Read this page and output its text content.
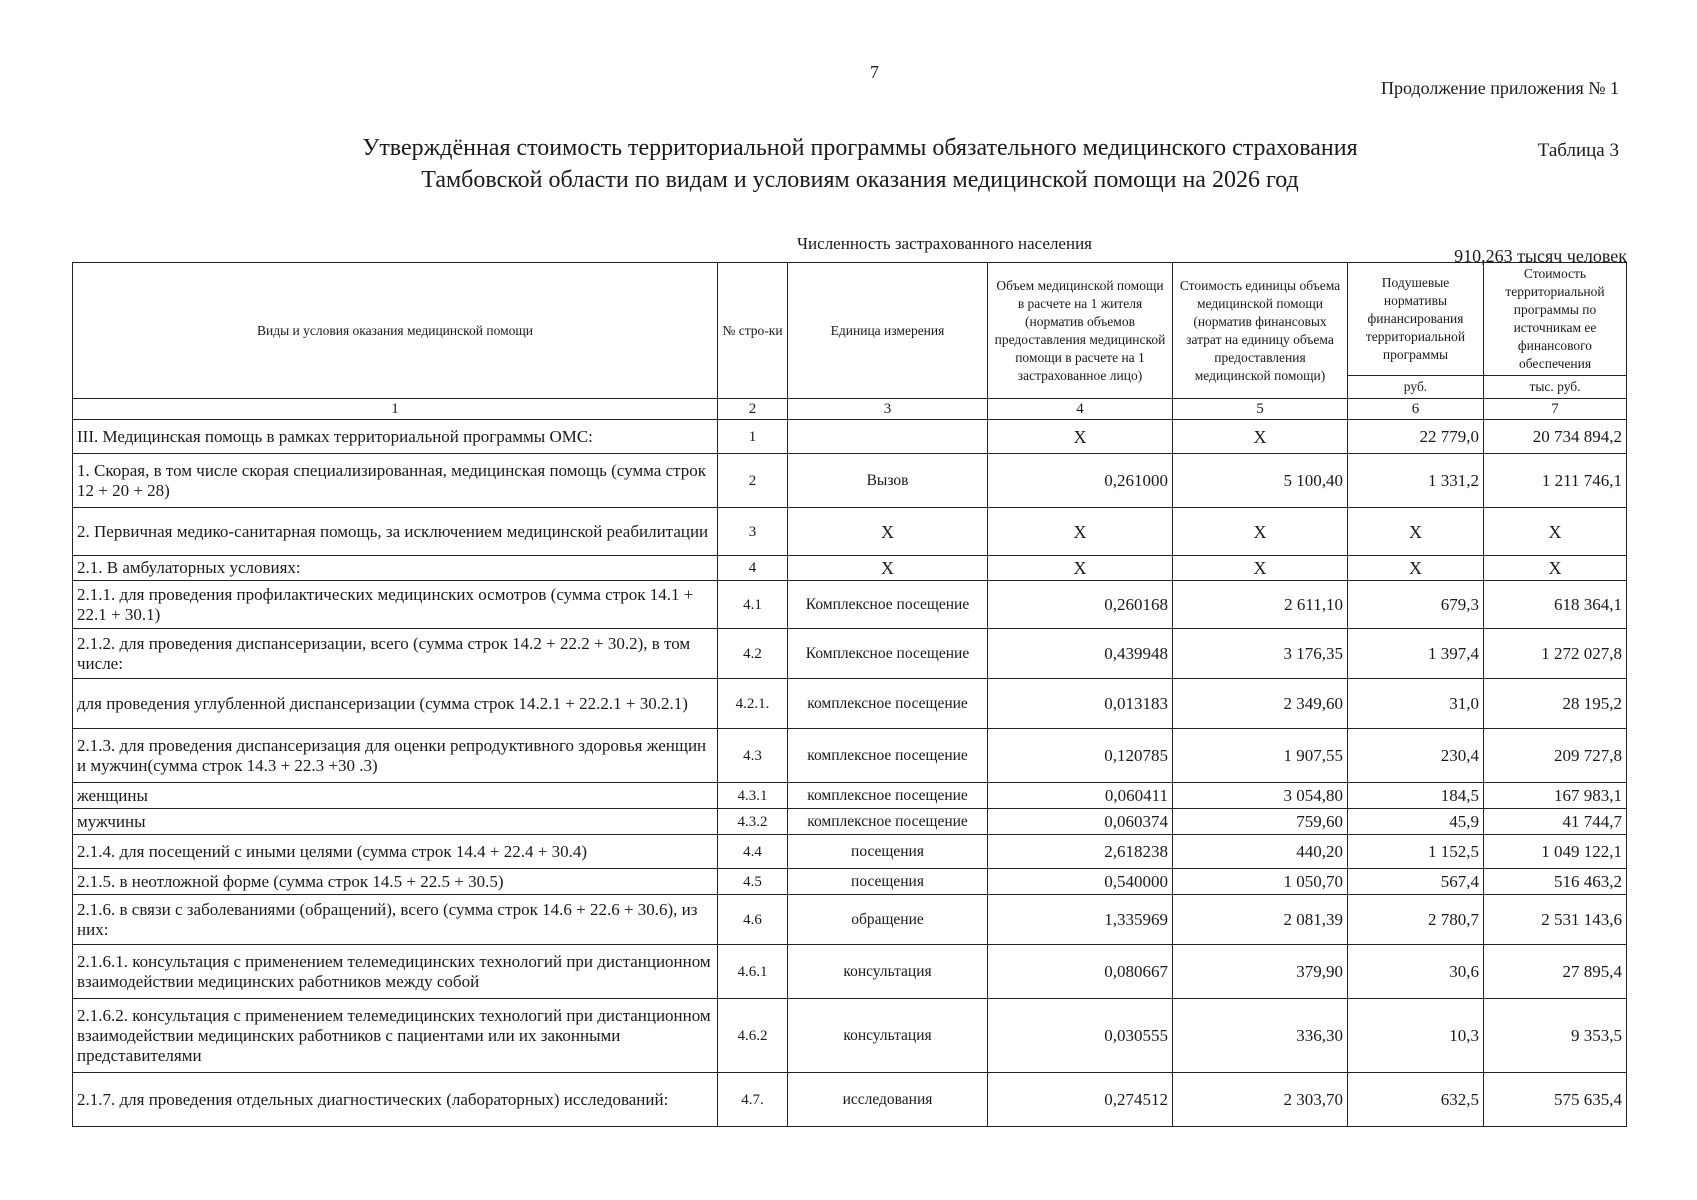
7
Продолжение приложения № 1
Таблица 3
Утверждённая стоимость территориальной программы обязательного медицинского страхования
Тамбовской области по видам и условиям оказания медицинской помощи на 2026 год
Численность застрахованного населения
910,263 тысяч человек
Виды и условия оказания медицинской помощи	№ стро-ки	Единица измерения	Объем медицинской помощи в расчете на 1 жителя (норматив объемов предоставления медицинской помощи в расчете на 1 застрахованное лицо)	Стоимость единицы объема медицинской помощи (норматив финансовых затрат на единицу объема предоставления медицинской помощи)	Подушевые нормативы финансирования территориальной программы	Стоимость территориальной программы по источникам ее финансового обеспечения
					руб.	тыс. руб.
1	2	3	4	5	6	7
III. Медицинская помощь в рамках территориальной программы ОМС:	1		Х	Х	22 779,0	20 734 894,2
1. Скорая, в том числе скорая специализированная, медицинская помощь (сумма строк 12 + 20 + 28)	2	Вызов	0,261000	5 100,40	1 331,2	1 211 746,1
2. Первичная медико-санитарная помощь, за исключением медицинской реабилитации	3	Х	Х	Х	Х	Х
2.1. В амбулаторных условиях:	4	Х	Х	Х	Х	Х
2.1.1. для проведения профилактических медицинских осмотров (сумма строк 14.1 + 22.1 + 30.1)	4.1	Комплексное посещение	0,260168	2 611,10	679,3	618 364,1
2.1.2. для проведения диспансеризации, всего (сумма строк 14.2 + 22.2 + 30.2), в том числе:	4.2	Комплексное посещение	0,439948	3 176,35	1 397,4	1 272 027,8
для проведения углубленной диспансеризации (сумма строк 14.2.1 + 22.2.1 + 30.2.1)	4.2.1.	комплексное посещение	0,013183	2 349,60	31,0	28 195,2
2.1.3. для проведения диспансеризация для оценки репродуктивного здоровья женщин и мужчин(сумма строк 14.3 + 22.3 +30 .3)	4.3	комплексное посещение	0,120785	1 907,55	230,4	209 727,8
женщины	4.3.1	комплексное посещение	0,060411	3 054,80	184,5	167 983,1
мужчины	4.3.2	комплексное посещение	0,060374	759,60	45,9	41 744,7
2.1.4. для посещений с иными целями (сумма строк 14.4 + 22.4 + 30.4)	4.4	посещения	2,618238	440,20	1 152,5	1 049 122,1
2.1.5. в неотложной форме (сумма строк 14.5 + 22.5 + 30.5)	4.5	посещения	0,540000	1 050,70	567,4	516 463,2
2.1.6. в связи с заболеваниями (обращений), всего (сумма строк 14.6 + 22.6 + 30.6), из них:	4.6	обращение	1,335969	2 081,39	2 780,7	2 531 143,6
2.1.6.1. консультация с применением телемедицинских технологий при дистанционном взаимодействии медицинских работников между собой	4.6.1	консультация	0,080667	379,90	30,6	27 895,4
2.1.6.2. консультация с применением телемедицинских технологий при дистанционном взаимодействии медицинских работников с пациентами или их законными представителями	4.6.2	консультация	0,030555	336,30	10,3	9 353,5
2.1.7. для проведения отдельных диагностических (лабораторных) исследований:	4.7.	исследования	0,274512	2 303,70	632,5	575 635,4
